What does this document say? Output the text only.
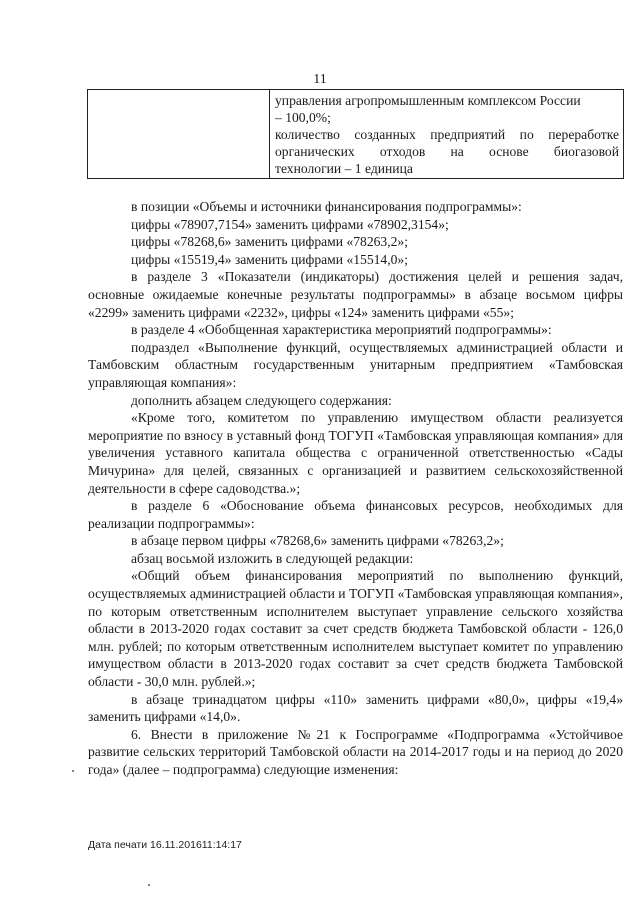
11

управления агропромышленным комплексом России

– 100,0%;

количество созданных предприятий по переработке

органических отходов на основе биогазовой

технологии – 1 единица

в позиции «Объемы и источники финансирования подпрограммы»:

цифры «78907,7154» заменить цифрами «78902,3154»;

цифры «78268,6» заменить цифрами «78263,2»;

цифры «15519,4» заменить цифрами «15514,0»;

в разделе 3 «Показатели (индикаторы) достижения целей и решения задач, основные ожидаемые конечные результаты подпрограммы» в абзаце восьмом цифры «2299» заменить цифрами «2232», цифры «124» заменить цифрами «55»;

в разделе 4 «Обобщенная характеристика мероприятий подпрограммы»:

подраздел «Выполнение функций, осуществляемых администрацией области и Тамбовским областным государственным унитарным предприятием «Тамбовская управляющая компания»:

дополнить абзацем следующего содержания:

«Кроме того, комитетом по управлению имуществом области реализуется мероприятие по взносу в уставный фонд ТОГУП «Тамбовская управляющая компания» для увеличения уставного капитала общества с ограниченной ответственностью «Сады Мичурина» для целей, связанных с организацией и развитием сельскохозяйственной деятельности в сфере садоводства.»;

в разделе 6 «Обоснование объема финансовых ресурсов, необходимых для реализации подпрограммы»:

в абзаце первом цифры «78268,6» заменить цифрами «78263,2»;

абзац восьмой изложить в следующей редакции:

«Общий объем финансирования мероприятий по выполнению функций, осуществляемых администрацией области и ТОГУП «Тамбовская управляющая компания», по которым ответственным исполнителем выступает управление сельского хозяйства области в 2013-2020 годах составит за счет средств бюджета Тамбовской области - 126,0 млн. рублей; по которым ответственным исполнителем выступает комитет по управлению имуществом области в 2013-2020 годах составит за счет средств бюджета Тамбовской области - 30,0 млн. рублей.»;

в абзаце тринадцатом цифры «110» заменить цифрами «80,0», цифры «19,4» заменить цифрами «14,0».

6. Внести в приложение №21 к Госпрограмме «Подпрограмма «Устойчивое развитие сельских территорий Тамбовской области на 2014-2017 годы и на период до 2020 года» (далее – подпрограмма) следующие изменения:

Дата печати 16.11.201611:14:17
